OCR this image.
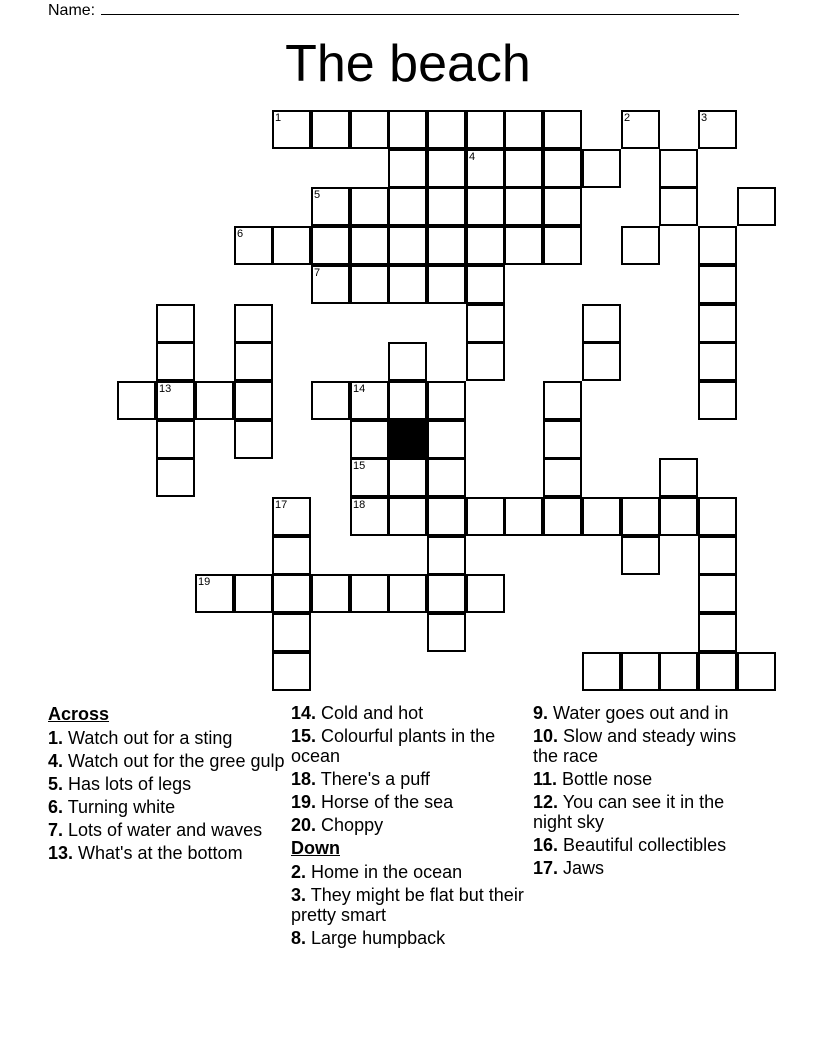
Name:
The beach
1	2	3
4
5
6
7
13	14
15
17	18
19
Across
1. Watch out for a sting
4. Watch out for the gree gulp
5. Has lots of legs
6. Turning white
7. Lots of water and waves
13. What's at the bottom
14. Cold and hot
15. Colourful plants in the ocean
18. There's a puff
19. Horse of the sea
20. Choppy
Down
2. Home in the ocean
3. They might be flat but their pretty smart
8. Large humpback
9. Water goes out and in
10. Slow and steady wins the race
11. Bottle nose
12. You can see it in the night sky
16. Beautiful collectibles
17. Jaws
